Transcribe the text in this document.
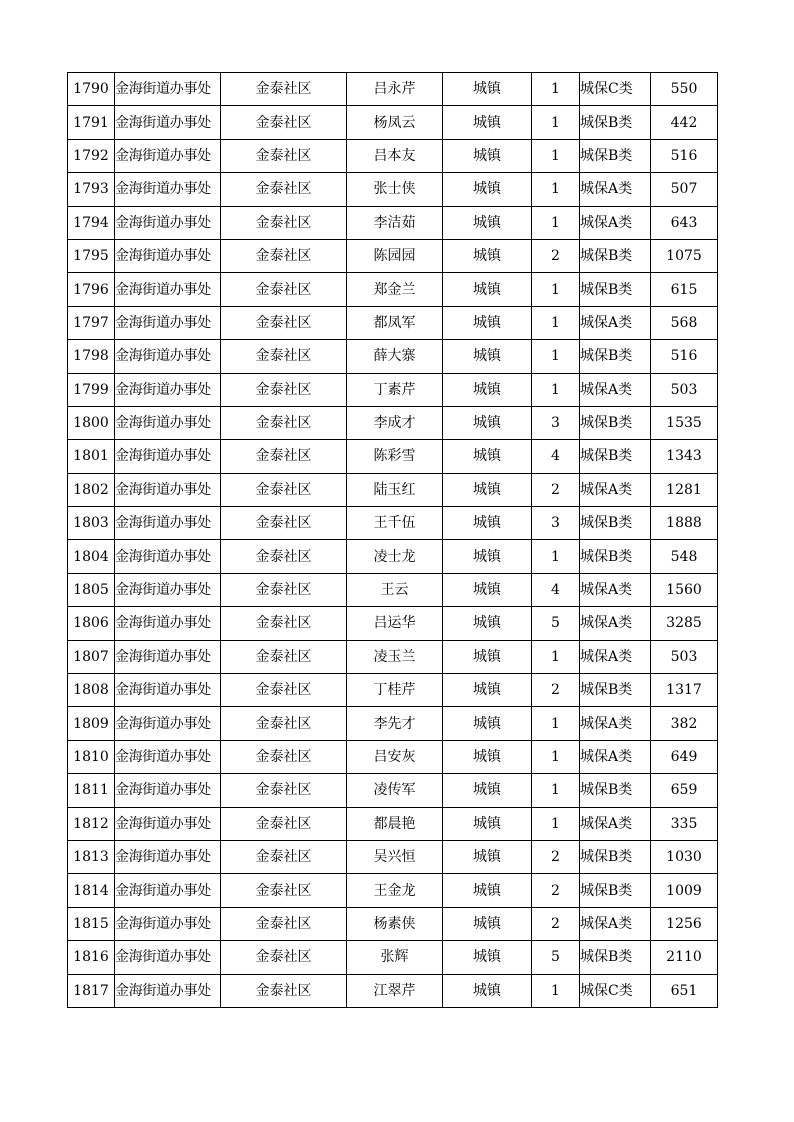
1790	金海街道办事处	金泰社区	吕永芹	城镇	1	城保C类	550
1791	金海街道办事处	金泰社区	杨凤云	城镇	1	城保B类	442
1792	金海街道办事处	金泰社区	吕本友	城镇	1	城保B类	516
1793	金海街道办事处	金泰社区	张士侠	城镇	1	城保A类	507
1794	金海街道办事处	金泰社区	李洁茹	城镇	1	城保A类	643
1795	金海街道办事处	金泰社区	陈园园	城镇	2	城保B类	1075
1796	金海街道办事处	金泰社区	郑金兰	城镇	1	城保B类	615
1797	金海街道办事处	金泰社区	都凤军	城镇	1	城保A类	568
1798	金海街道办事处	金泰社区	薛大寨	城镇	1	城保B类	516
1799	金海街道办事处	金泰社区	丁素芹	城镇	1	城保A类	503
1800	金海街道办事处	金泰社区	李成才	城镇	3	城保B类	1535
1801	金海街道办事处	金泰社区	陈彩雪	城镇	4	城保B类	1343
1802	金海街道办事处	金泰社区	陆玉红	城镇	2	城保A类	1281
1803	金海街道办事处	金泰社区	王千伍	城镇	3	城保B类	1888
1804	金海街道办事处	金泰社区	凌士龙	城镇	1	城保B类	548
1805	金海街道办事处	金泰社区	王云	城镇	4	城保A类	1560
1806	金海街道办事处	金泰社区	吕运华	城镇	5	城保A类	3285
1807	金海街道办事处	金泰社区	凌玉兰	城镇	1	城保A类	503
1808	金海街道办事处	金泰社区	丁桂芹	城镇	2	城保B类	1317
1809	金海街道办事处	金泰社区	李先才	城镇	1	城保A类	382
1810	金海街道办事处	金泰社区	吕安灰	城镇	1	城保A类	649
1811	金海街道办事处	金泰社区	凌传军	城镇	1	城保B类	659
1812	金海街道办事处	金泰社区	都晨艳	城镇	1	城保A类	335
1813	金海街道办事处	金泰社区	吴兴恒	城镇	2	城保B类	1030
1814	金海街道办事处	金泰社区	王金龙	城镇	2	城保B类	1009
1815	金海街道办事处	金泰社区	杨素侠	城镇	2	城保A类	1256
1816	金海街道办事处	金泰社区	张辉	城镇	5	城保B类	2110
1817	金海街道办事处	金泰社区	江翠芹	城镇	1	城保C类	651
